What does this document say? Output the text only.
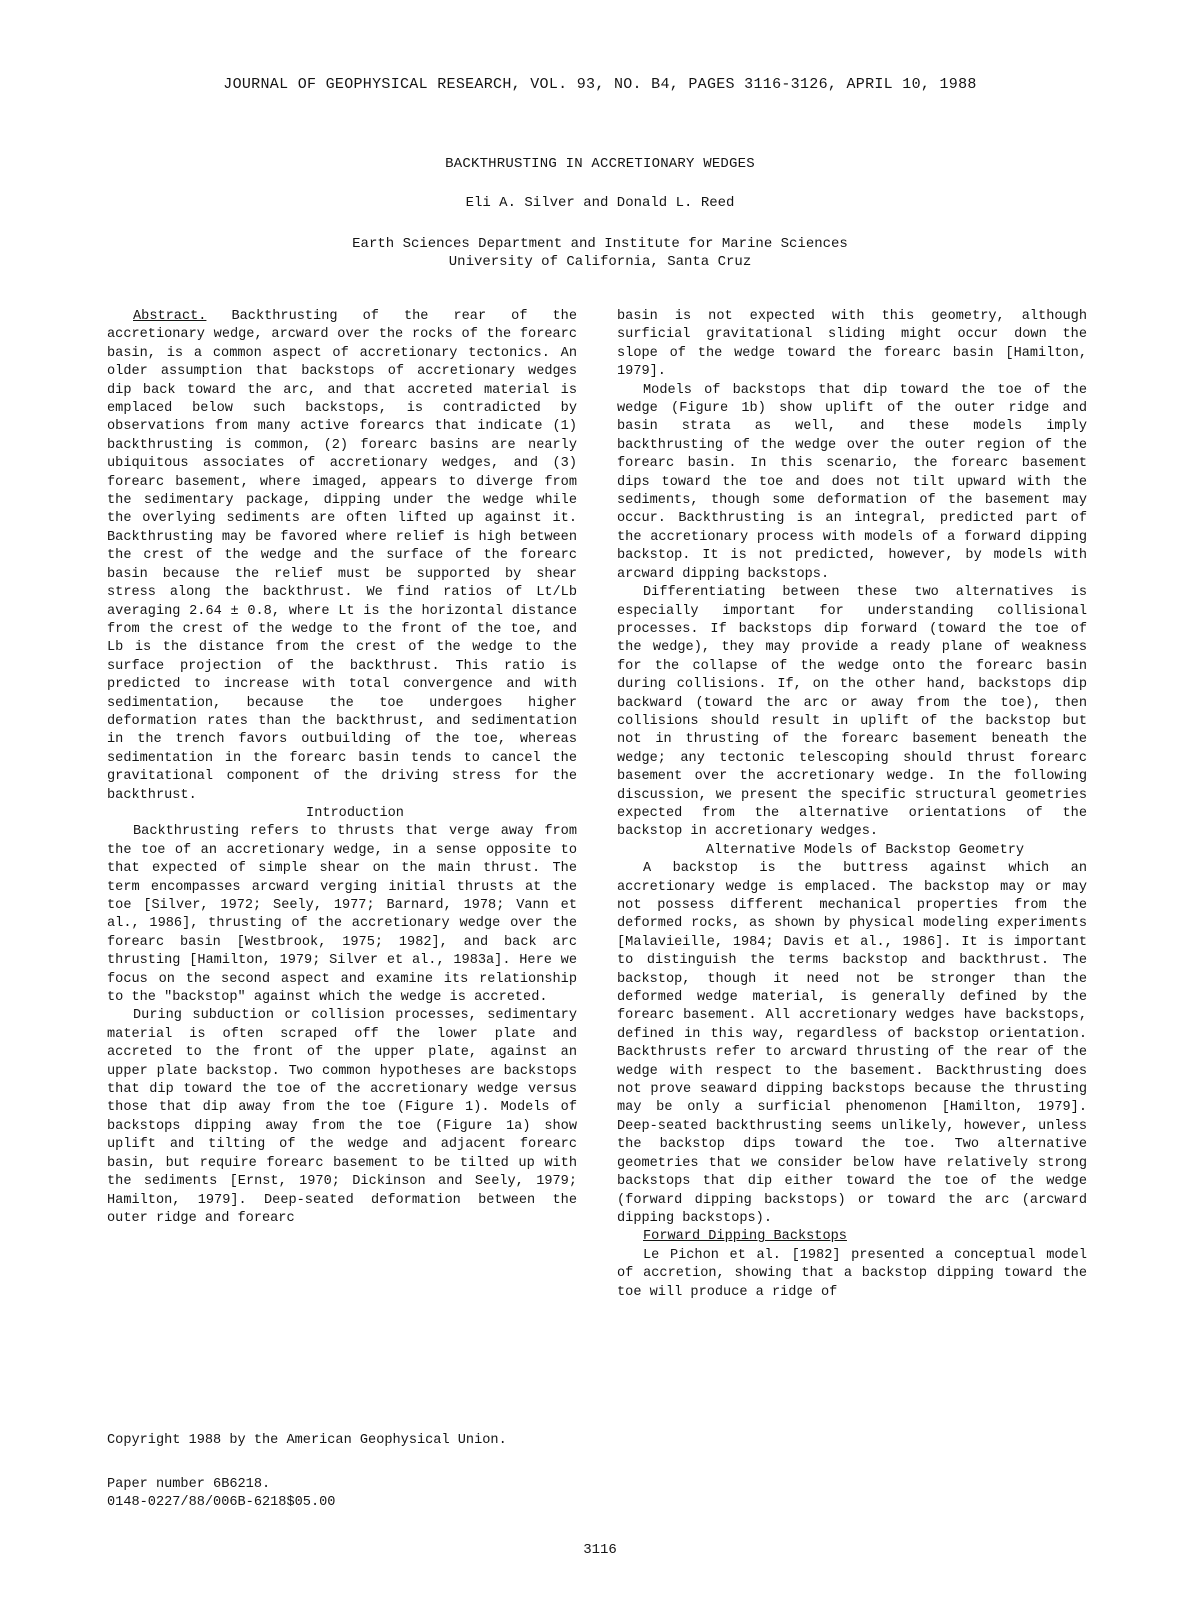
JOURNAL OF GEOPHYSICAL RESEARCH, VOL. 93, NO. B4, PAGES 3116-3126, APRIL 10, 1988
BACKTHRUSTING IN ACCRETIONARY WEDGES
Eli A. Silver and Donald L. Reed
Earth Sciences Department and Institute for Marine Sciences
University of California, Santa Cruz

Abstract. Backthrusting of the rear of the accretionary wedge, arcward over the rocks of the forearc basin, is a common aspect of accretionary tectonics. An older assumption that backstops of accretionary wedges dip back toward the arc, and that accreted material is emplaced below such backstops, is contradicted by observations from many active forearcs that indicate (1) backthrusting is common, (2) forearc basins are nearly ubiquitous associates of accretionary wedges, and (3) forearc basement, where imaged, appears to diverge from the sedimentary package, dipping under the wedge while the overlying sediments are often lifted up against it. Backthrusting may be favored where relief is high between the crest of the wedge and the surface of the forearc basin because the relief must be supported by shear stress along the backthrust. We find ratios of Lt/Lb averaging 2.64 ± 0.8, where Lt is the horizontal distance from the crest of the wedge to the front of the toe, and Lb is the distance from the crest of the wedge to the surface projection of the backthrust. This ratio is predicted to increase with total convergence and with sedimentation, because the toe undergoes higher deformation rates than the backthrust, and sedimentation in the trench favors outbuilding of the toe, whereas sedimentation in the forearc basin tends to cancel the gravitational component of the driving stress for the backthrust.

Introduction

Backthrusting refers to thrusts that verge away from the toe of an accretionary wedge, in a sense opposite to that expected of simple shear on the main thrust. The term encompasses arcward verging initial thrusts at the toe [Silver, 1972; Seely, 1977; Barnard, 1978; Vann et al., 1986], thrusting of the accretionary wedge over the forearc basin [Westbrook, 1975; 1982], and back arc thrusting [Hamilton, 1979; Silver et al., 1983a]. Here we focus on the second aspect and examine its relationship to the "backstop" against which the wedge is accreted.

During subduction or collision processes, sedimentary material is often scraped off the lower plate and accreted to the front of the upper plate, against an upper plate backstop. Two common hypotheses are backstops that dip toward the toe of the accretionary wedge versus those that dip away from the toe (Figure 1). Models of backstops dipping away from the toe (Figure 1a) show uplift and tilting of the wedge and adjacent forearc basin, but require forearc basement to be tilted up with the sediments [Ernst, 1970; Dickinson and Seely, 1979; Hamilton, 1979]. Deep-seated deformation between the outer ridge and forearc

Copyright 1988 by the American Geophysical Union.
Paper number 6B6218.
0148-0227/88/006B-6218$05.00

basin is not expected with this geometry, although surficial gravitational sliding might occur down the slope of the wedge toward the forearc basin [Hamilton, 1979].

Models of backstops that dip toward the toe of the wedge (Figure 1b) show uplift of the outer ridge and basin strata as well, and these models imply backthrusting of the wedge over the outer region of the forearc basin. In this scenario, the forearc basement dips toward the toe and does not tilt upward with the sediments, though some deformation of the basement may occur. Backthrusting is an integral, predicted part of the accretionary process with models of a forward dipping backstop. It is not predicted, however, by models with arcward dipping backstops.

Differentiating between these two alternatives is especially important for understanding collisional processes. If backstops dip forward (toward the toe of the wedge), they may provide a ready plane of weakness for the collapse of the wedge onto the forearc basin during collisions. If, on the other hand, backstops dip backward (toward the arc or away from the toe), then collisions should result in uplift of the backstop but not in thrusting of the forearc basement beneath the wedge; any tectonic telescoping should thrust forearc basement over the accretionary wedge. In the following discussion, we present the specific structural geometries expected from the alternative orientations of the backstop in accretionary wedges.

Alternative Models of Backstop Geometry

A backstop is the buttress against which an accretionary wedge is emplaced. The backstop may or may not possess different mechanical properties from the deformed rocks, as shown by physical modeling experiments [Malavieille, 1984; Davis et al., 1986]. It is important to distinguish the terms backstop and backthrust. The backstop, though it need not be stronger than the deformed wedge material, is generally defined by the forearc basement. All accretionary wedges have backstops, defined in this way, regardless of backstop orientation. Backthrusts refer to arcward thrusting of the rear of the wedge with respect to the basement. Backthrusting does not prove seaward dipping backstops because the thrusting may be only a surficial phenomenon [Hamilton, 1979]. Deep-seated backthrusting seems unlikely, however, unless the backstop dips toward the toe. Two alternative geometries that we consider below have relatively strong backstops that dip either toward the toe of the wedge (forward dipping backstops) or toward the arc (arcward dipping backstops).

Forward Dipping Backstops

Le Pichon et al. [1982] presented a conceptual model of accretion, showing that a backstop dipping toward the toe will produce a ridge of

3116
